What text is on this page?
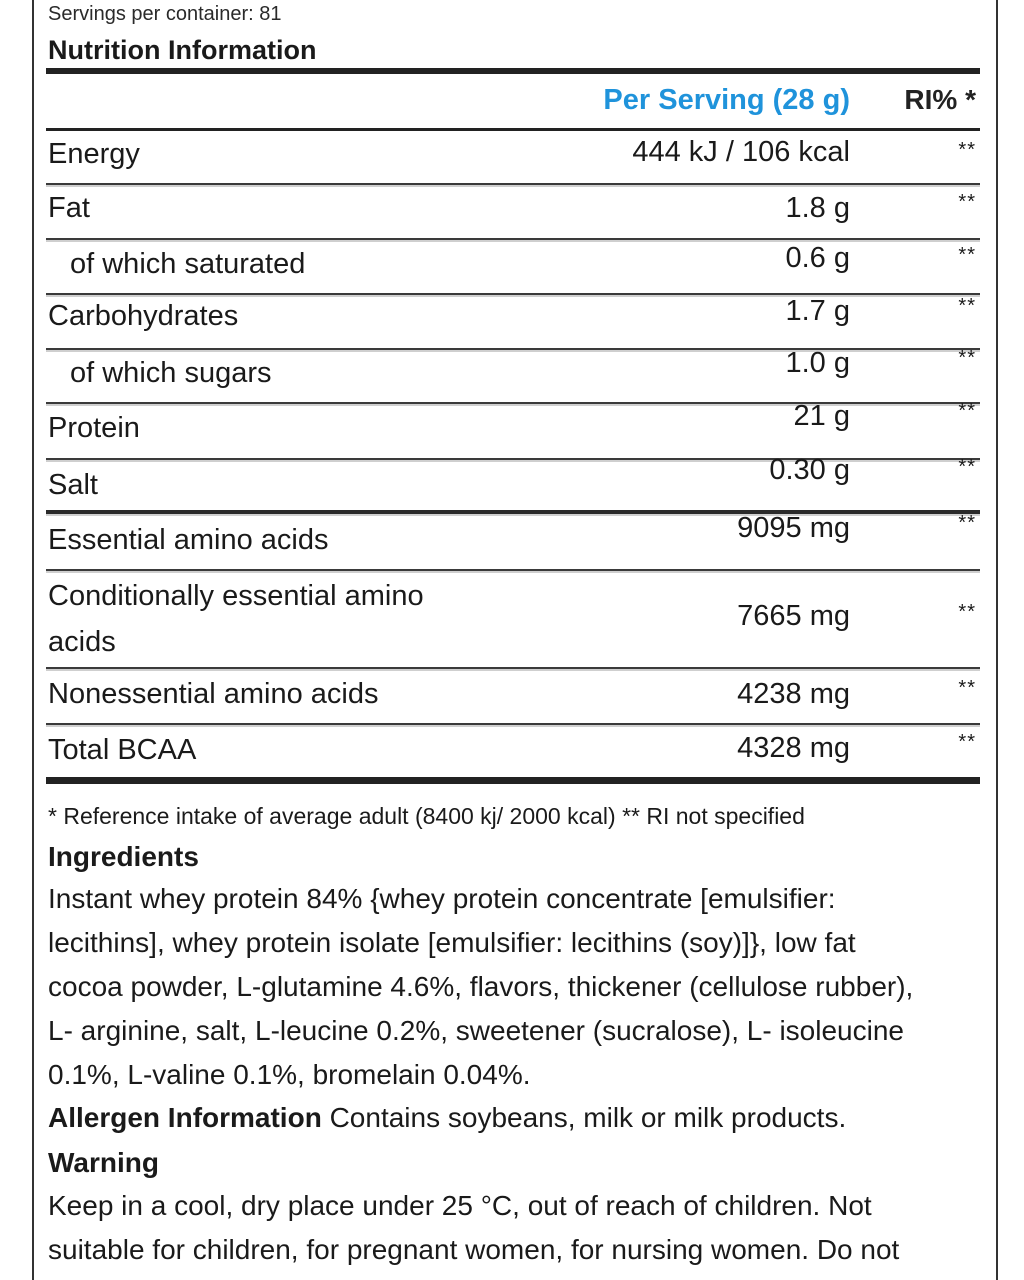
Servings per container: 81
Nutrition Information
Per Serving (28 g) RI% *
Energy	444 kJ / 106 kcal	**
Fat	1.8 g	**
of which saturated	0.6 g	**
Carbohydrates	1.7 g	**
of which sugars	1.0 g	**
Protein	21 g	**
Salt	0.30 g	**
Essential amino acids	9095 mg	**
Conditionally essential amino
acids
7665 mg	**
Nonessential amino acids	4238 mg	**
Total BCAA	4328 mg	**
* Reference intake of average adult (8400 kj/ 2000 kcal) ** RI not specified
Ingredients
Instant whey protein 84% {whey protein concentrate [emulsifier:
lecithins], whey protein isolate [emulsifier: lecithins (soy)]}, low fat
cocoa powder, L-glutamine 4.6%, flavors, thickener (cellulose rubber),
L- arginine, salt, L-leucine 0.2%, sweetener (sucralose), L- isoleucine
0.1%, L-valine 0.1%, bromelain 0.04%.
Allergen Information Contains soybeans, milk or milk products.
Warning
Keep in a cool, dry place under 25 °C, out of reach of children. Not
suitable for children, for pregnant women, for nursing women. Do not
